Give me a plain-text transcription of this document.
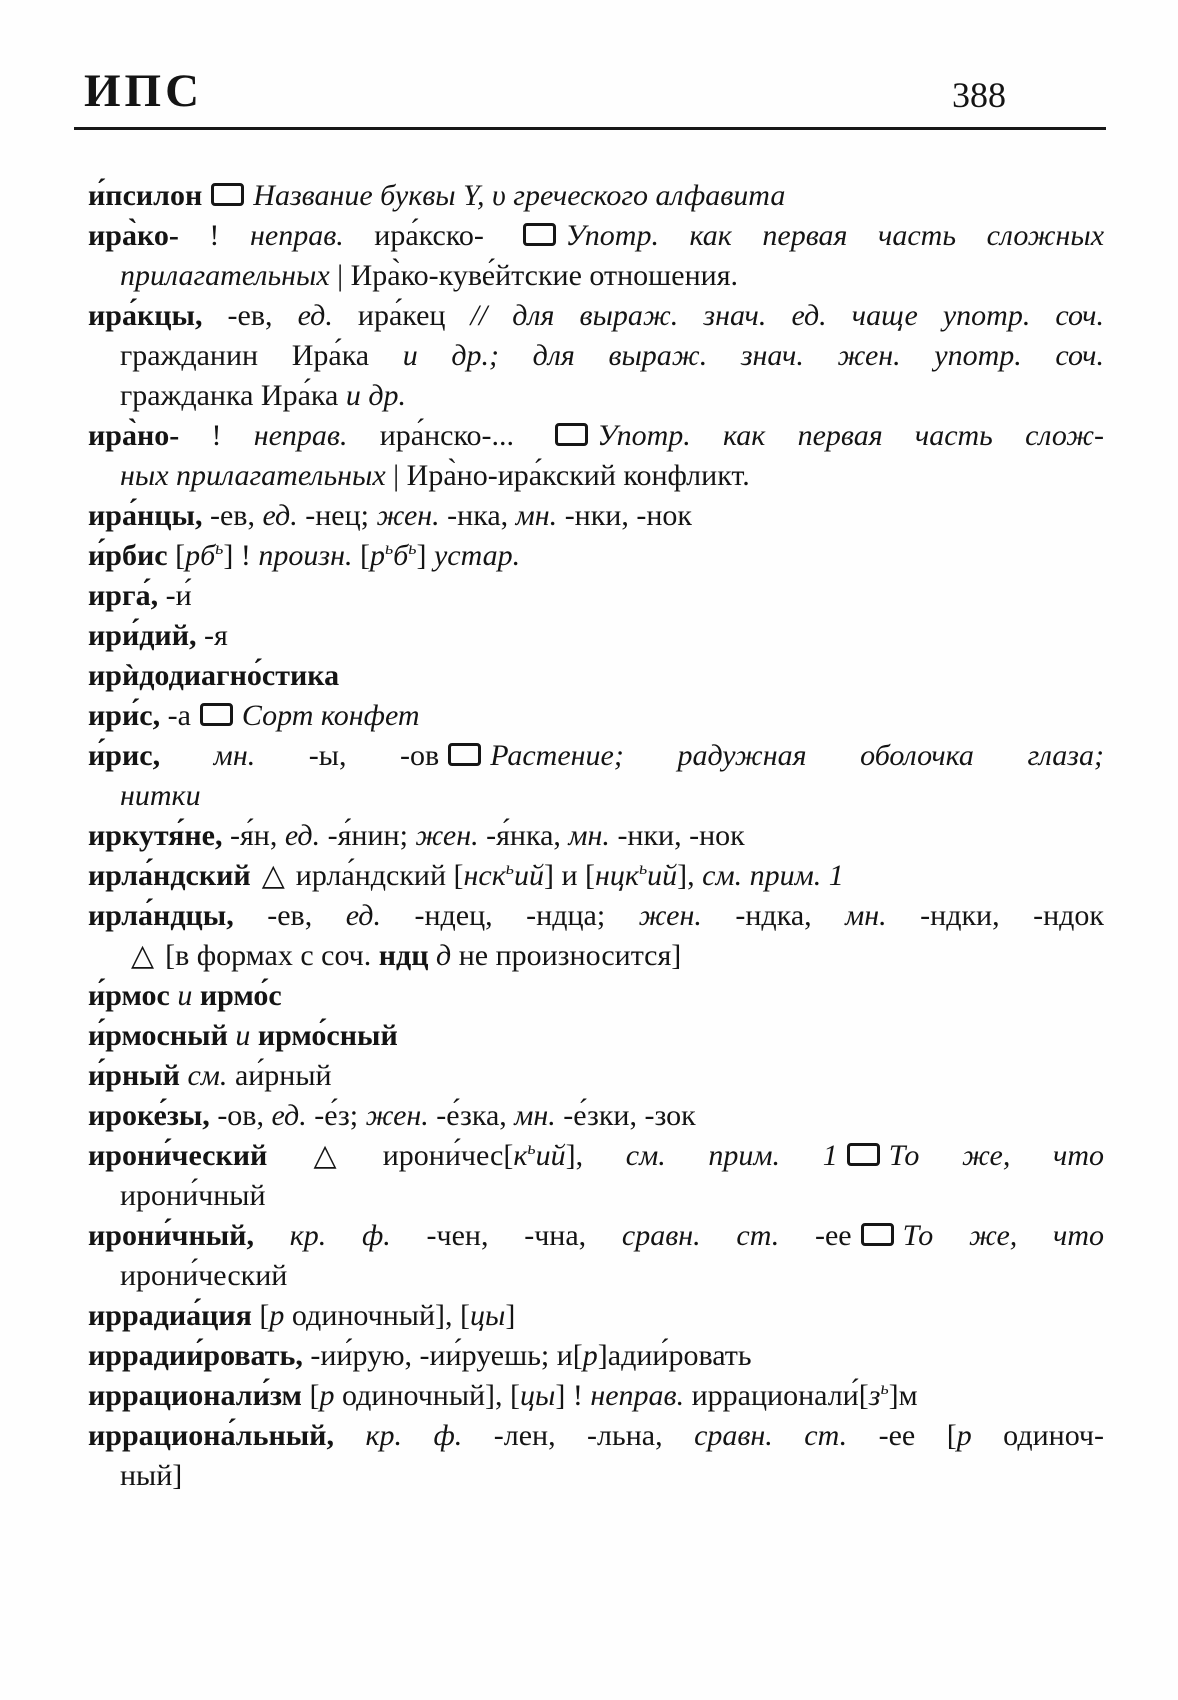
ИПС	388
и́псилон Название буквы Y, υ греческого алфавита
ира̀ко- ! неправ. ира́кско- Употр. как первая часть сложных
прилагательных | Ира̀ко-куве́йтские отношения.
ира́кцы, -ев, ед. ира́кец // для выраж. знач. ед. чаще употр. соч.
гражданин Ира́ка и др.; для выраж. знач. жен. употр. соч.
гражданка Ира́ка и др.
ира̀но- ! неправ. ира́нско-... Употр. как первая часть слож-
ных прилагательных | Ира̀но-ира́кский конфликт.
ира́нцы, -ев, ед. -нец; жен. -нка, мн. -нки, -нок
и́рбис $[рб^ь]$ ! произн. $[р^ьб^ь]$ устар.
ирга́, -и́
ири́дий, -я
ирѝдодиагно́стика
ири́с, -а Сорт конфет
и́рис, мн. -ы, -ов Растение; радужная оболочка глаза;
нитки
иркутя́не, -я́н, ед. -я́нин; жен. -я́нка, мн. -нки, -нок
ирла́ндский △ ирла́ндский [нск$^ь$ий] и [нцк$^ь$ий], см. прим. 1
ирла́ндцы, -ев, ед. -ндец, -ндца; жен. -ндка, мн. -ндки, -ндок
△ [в формах с соч. ндц д не произносится]
и́рмос и ирмо́с
и́рмосный и ирмо́сный
и́рный см. аи́рный
ироке́зы, -ов, ед. -е́з; жен. -е́зка, мн. -е́зки, -зок
ирони́ческий △ $ирони́чес[к^ьий]$, см. прим. 1 То же, что
ирони́чный
ирони́чный, кр. ф. -чен, -чна, сравн. ст. -ее То же, что
ирони́ческий
иррадиа́ция [р одиночный], [цы]
иррадии́ровать, -ии́рую, -ии́руешь; и[р]адии́ровать
иррационали́зм [р одиночный], [цы] ! неправ. $иррационали́[з^ь]м$
иррациона́льный, кр. ф. -лен, -льна, сравн. ст. -ее [р одиноч-
ный]
